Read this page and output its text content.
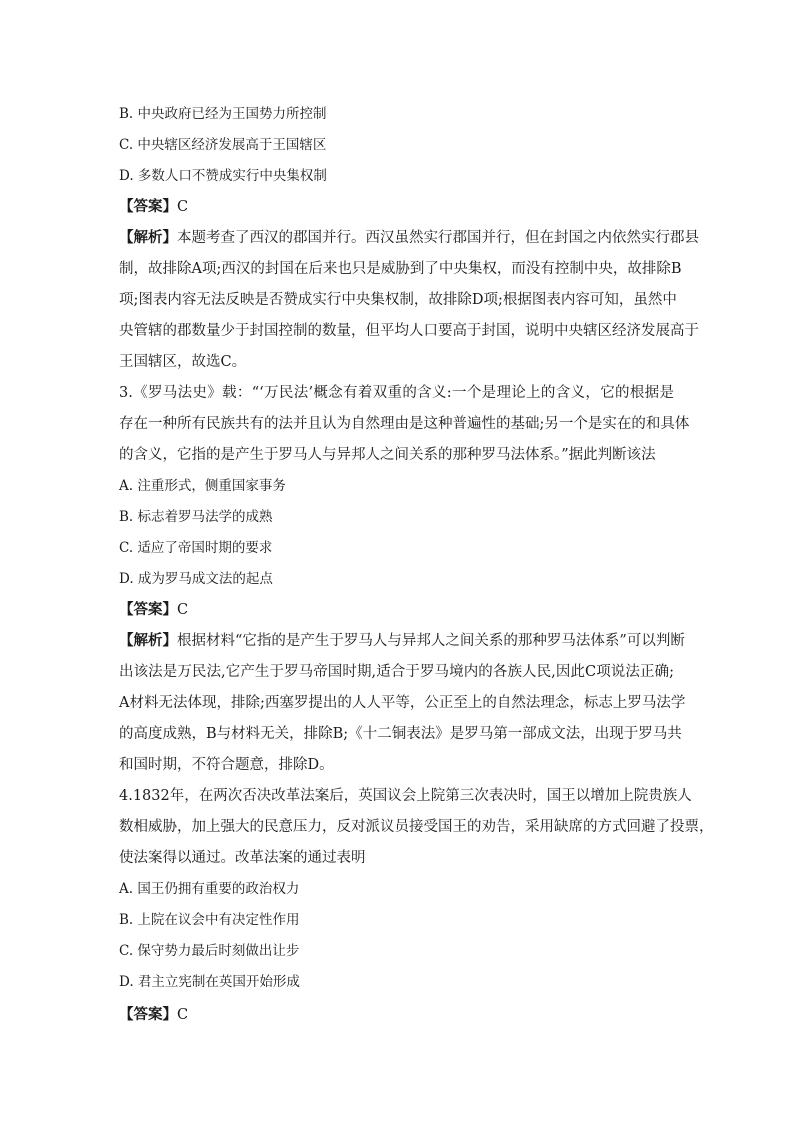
B. 中央政府已经为王国势力所控制
C. 中央辖区经济发展高于王国辖区
D. 多数人口不赞成实行中央集权制
【答案】C
【解析】本题考查了西汉的郡国并行。西汉虽然实行郡国并行，但在封国之内依然实行郡县
制，故排除A项;西汉的封国在后来也只是威胁到了中央集权，而没有控制中央，故排除B
项;图表内容无法反映是否赞成实行中央集权制，故排除D项;根据图表内容可知，虽然中
央管辖的郡数量少于封国控制的数量，但平均人口要高于封国，说明中央辖区经济发展高于
王国辖区，故选C。
3.《罗马法史》载：“‘万民法’概念有着双重的含义:一个是理论上的含义，它的根据是
存在一种所有民族共有的法并且认为自然理由是这种普遍性的基础;另一个是实在的和具体
的含义，它指的是产生于罗马人与异邦人之间关系的那种罗马法体系。”据此判断该法
A. 注重形式，侧重国家事务
B. 标志着罗马法学的成熟
C. 适应了帝国时期的要求
D. 成为罗马成文法的起点
【答案】C
【解析】根据材料“它指的是产生于罗马人与异邦人之间关系的那种罗马法体系”可以判断
出该法是万民法,它产生于罗马帝国时期,适合于罗马境内的各族人民,因此C项说法正确;
A材料无法体现，排除;西塞罗提出的人人平等，公正至上的自然法理念，标志上罗马法学
的高度成熟，B与材料无关，排除B;《十二铜表法》是罗马第一部成文法，出现于罗马共
和国时期，不符合题意，排除D。
4.1832年，在两次否决改革法案后，英国议会上院第三次表决时，国王以增加上院贵族人
数相威胁，加上强大的民意压力，反对派议员接受国王的劝告，采用缺席的方式回避了投票，
使法案得以通过。改革法案的通过表明
A. 国王仍拥有重要的政治权力
B. 上院在议会中有决定性作用
C. 保守势力最后时刻做出让步
D. 君主立宪制在英国开始形成
【答案】C
